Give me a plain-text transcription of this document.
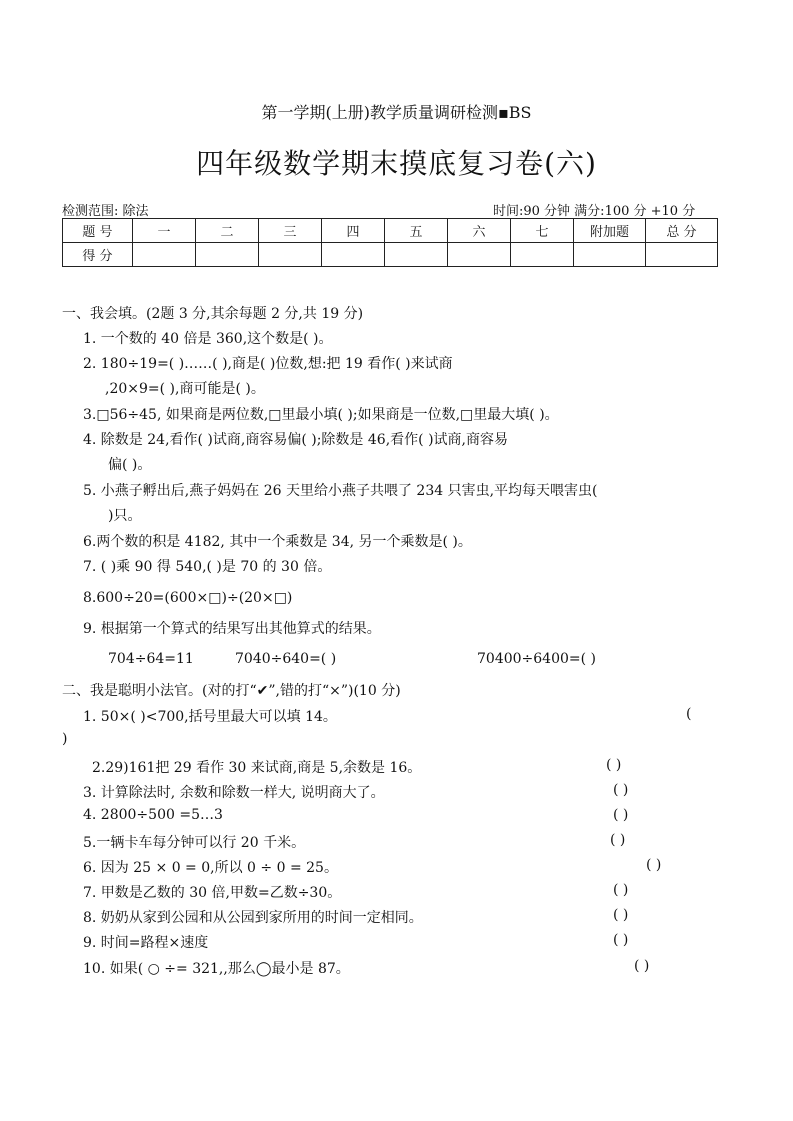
第一学期(上册)教学质量调研检测▪BS
四年级数学期末摸底复习卷(六)
检测范围: 除法	时间:90 分钟 满分:100 分 +10 分
题 号	一	二	三	四	五	六	七	附加题	总 分
得 分									
一、我会填。(2题 3 分,其余每题 2 分,共 19 分)
1. 一个数的 40 倍是 360,这个数是( )。
2. 180÷19=( )……( ),商是( )位数,想:把 19 看作( )来试商
,20×9=( ),商可能是( )。
3.□56÷45, 如果商是两位数,□里最小填( );如果商是一位数,□里最大填( )。
4. 除数是 24,看作( )试商,商容易偏( );除数是 46,看作( )试商,商容易
偏( )。
5. 小燕子孵出后,燕子妈妈在 26 天里给小燕子共喂了 234 只害虫,平均每天喂害虫(
)只。
6.两个数的积是 4182, 其中一个乘数是 34, 另一个乘数是( )。
7. ( )乘 90 得 540,( )是 70 的 30 倍。
8.600÷20=(600×□)÷(20×□)
9. 根据第一个算式的结果写出其他算式的结果。
704÷64=11	7040÷640=( )	70400÷6400=( )
二、我是聪明小法官。(对的打“✔”,错的打“×”)(10 分)
1. 50×( )<700,括号里最大可以填 14。	(
)
2.29)161把 29 看作 30 来试商,商是 5,余数是 16。	( )
3. 计算除法时, 余数和除数一样大, 说明商大了。	( )
4. 2800÷500 =5…3	( )
5.一辆卡车每分钟可以行 20 千米。	( )
6. 因为 25 × 0 = 0,所以 0 ÷ 0 = 25。	( )
7. 甲数是乙数的 30 倍,甲数=乙数÷30。	( )
8. 奶奶从家到公园和从公园到家所用的时间一定相同。	( )
9. 时间=路程×速度	( )
10. 如果( ○ ÷= 321,,那么◯最小是 87。	( )
